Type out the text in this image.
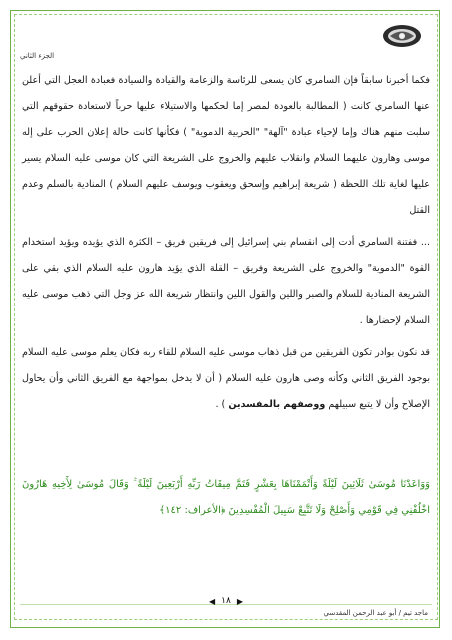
الجزء الثاني

فكما أخبرنا سابقاً فإن السامري كان يسعى للرئاسة والزعامة والقيادة والسيادة فعبادة العجل التي أعلن عنها السامري كانت ( المطالبة بالعودة لمصر إما لحكمها والاستيلاء عليها حرباً لاستعادة حقوقهم التي سلبت منهم هناك وإما لإحياء عبادة "آلهة" "الحربية الدموية" ) فكأنها كانت حالة إعلان الحرب على إله موسى وهارون عليهما السلام وانقلاب عليهم والخروج على الشريعة التي كان موسى عليه السلام يسير عليها لغاية تلك اللحظة ( شريعة إبراهيم وإسحق ويعقوب ويوسف عليهم السلام ) المنادية بالسلم وعدم القتل

... ففتنة السامري أدت إلى انقسام بني إسرائيل إلى فريقين فريق – الكثرة الذي يؤيده ويؤيد استخدام القوة "الدموية" والخروج على الشريعة وفريق – القلة الذي يؤيد هارون عليه السلام الذي بقي على الشريعة المنادية للسلام والصبر واللين والقول اللين وانتظار شريعة الله عز وجل التي ذهب موسى عليه السلام لإحضارها .

قد نكون بوادر تكون الفريقين من قبل ذهاب موسى عليه السلام للقاء ربه فكان يعلم موسى عليه السلام بوجود الفريق الثاني وكأنه وصى هارون عليه السلام ( أن لا يدخل بمواجهة مع الفريق الثاني وأن يحاول الإصلاح وأن لا يتبع سبيلهم ووصفهم بالمفسدين ) .

وَوَاعَدْنَا مُوسَىٰ ثَلَاثِينَ لَيْلَةً وَأَتْمَمْنَاهَا بِعَشْرٍ فَتَمَّ مِيقَاتُ رَبِّهِ أَرْبَعِينَ لَيْلَةً ۚ وَقَالَ مُوسَىٰ لِأَخِيهِ هَارُونَ اخْلُفْنِي فِي قَوْمِي وَأَصْلِحْ وَلَا تَتَّبِعْ سَبِيلَ الْمُفْسِدِينَ ﴿الأعراف: ١٤٢﴾

◀ ١٨ ▶
ماجد تيم / أبو عبد الرحمن المقدسي
